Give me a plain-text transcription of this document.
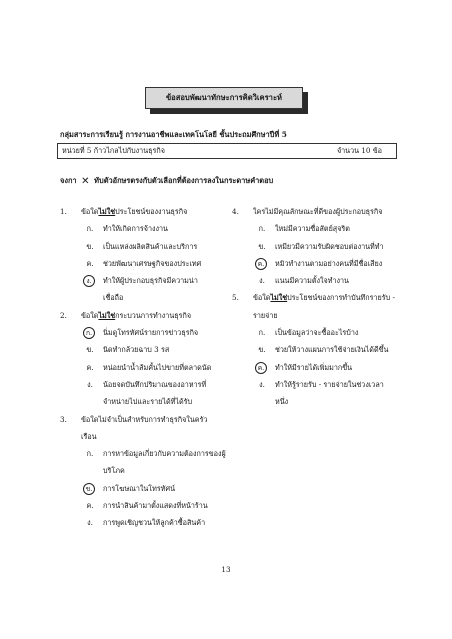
ข้อสอบพัฒนาทักษะการคิดวิเคราะห์
กลุ่มสาระการเรียนรู้ การงานอาชีพและเทคโนโลยี ชั้นประถมศึกษาปีที่ 5
หน่วยที่ 5 ก้าวไกลไปกับงานธุรกิจ	จำนวน 10 ข้อ
จงกา ✕ ทับตัวอักษรตรงกับตัวเลือกที่ต้องการลงในกระดาษคำตอบ
1. ข้อใดไม่ใช่ประโยชน์ของงานธุรกิจ
ก.	ทำให้เกิดการจ้างงาน
ข.	เป็นแหล่งผลิตสินค้าและบริการ
ค.	ช่วยพัฒนาเศรษฐกิจของประเทศ
ง.	ทำให้ผู้ประกอบธุรกิจมีความน่าเชื่อถือ
2. ข้อใดไม่ใช่กระบวนการทำงานธุรกิจ
ก.	นิ่มดูโทรทัศน์รายการข่าวธุรกิจ
ข.	นิดทำกล้วยฉาบ 3 รส
ค.	หน่อยนำน้ำส้มคั้นไปขายที่ตลาดนัด
ง.	น้อยจดบันทึกปริมาณของอาหารที่จำหน่ายไปและรายได้ที่ได้รับ
3. ข้อใดไม่จำเป็นสำหรับการทำธุรกิจในครัวเรือน
ก.	การหาข้อมูลเกี่ยวกับความต้องการของผู้บริโภค
ข.	การโฆษณาในโทรทัศน์
ค.	การนำสินค้ามาตั้งแสดงที่หน้าร้าน
ง.	การพูดเชิญชวนให้ลูกค้าซื้อสินค้า
4. ใครไม่มีคุณลักษณะที่ดีของผู้ประกอบธุรกิจ
ก.	ใหม่มีความซื่อสัตย์สุจริต
ข.	เหมียวมีความรับผิดชอบต่องานที่ทำ
ค.	หมิวทำงานตามอย่างคนที่มีชื่อเสียง
ง.	แนนมีความตั้งใจทำงาน
5. ข้อใดไม่ใช่ประโยชน์ของการทำบันทึกรายรับ - รายจ่าย
ก.	เป็นข้อมูลว่าจะซื้ออะไรบ้าง
ข.	ช่วยให้วางแผนการใช้จ่ายเงินได้ดีขึ้น
ค.	ทำให้มีรายได้เพิ่มมากขึ้น
ง.	ทำให้รู้รายรับ - รายจ่ายในช่วงเวลาหนึ่ง
13
